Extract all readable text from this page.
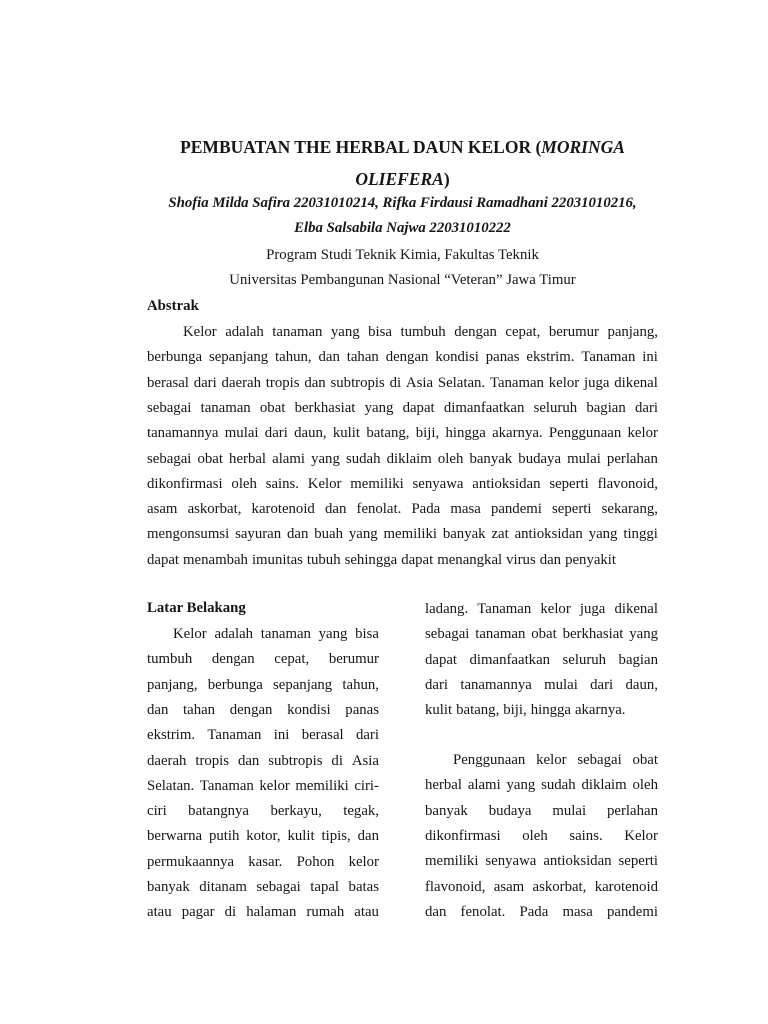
PEMBUATAN THE HERBAL DAUN KELOR (MORINGA
OLIEFERA)

Shofia Milda Safira 22031010214, Rifka Firdausi Ramadhani 22031010216,
Elba Salsabila Najwa 22031010222

Program Studi Teknik Kimia, Fakultas Teknik

Universitas Pembangunan Nasional “Veteran” Jawa Timur

Abstrak
Kelor adalah tanaman yang bisa tumbuh dengan cepat, berumur panjang,
berbunga sepanjang tahun, dan tahan dengan kondisi panas ekstrim. Tanaman ini
berasal dari daerah tropis dan subtropis di Asia Selatan. Tanaman kelor juga dikenal
sebagai tanaman obat berkhasiat yang dapat dimanfaatkan seluruh bagian dari
tanamannya mulai dari daun, kulit batang, biji, hingga akarnya. Penggunaan kelor
sebagai obat herbal alami yang sudah diklaim oleh banyak budaya mulai perlahan
dikonfirmasi oleh sains. Kelor memiliki senyawa antioksidan seperti flavonoid,
asam askorbat, karotenoid dan fenolat. Pada masa pandemi seperti sekarang,
mengonsumsi sayuran dan buah yang memiliki banyak zat antioksidan yang tinggi
dapat menambah imunitas tubuh sehingga dapat menangkal virus dan penyakit
Latar Belakang
Kelor adalah tanaman yang bisa
tumbuh dengan cepat, berumur
panjang, berbunga sepanjang tahun,
dan tahan dengan kondisi panas
ekstrim. Tanaman ini berasal dari
daerah tropis dan subtropis di Asia
Selatan. Tanaman kelor memiliki ciri-
ciri batangnya berkayu, tegak,
berwarna putih kotor, kulit tipis, dan
permukaannya kasar. Pohon kelor
banyak ditanam sebagai tapal batas
atau pagar di halaman rumah atau
ladang. Tanaman kelor juga dikenal
sebagai tanaman obat berkhasiat yang
dapat dimanfaatkan seluruh bagian
dari tanamannya mulai dari daun,
kulit batang, biji, hingga akarnya.
Penggunaan kelor sebagai obat
herbal alami yang sudah diklaim oleh
banyak budaya mulai perlahan
dikonfirmasi oleh sains. Kelor
memiliki senyawa antioksidan seperti
flavonoid, asam askorbat, karotenoid
dan fenolat. Pada masa pandemi
